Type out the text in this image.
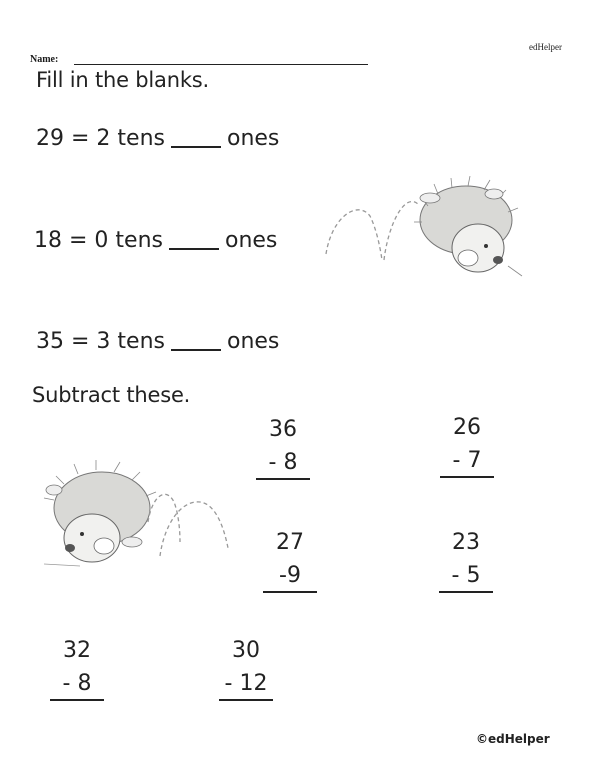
edHelper
Name:
Fill in the blanks.
29 = 2 tens	ones
18 = 0 tens	ones
35 = 3 tens	ones
Subtract these.
36
- 8
26
- 7
27
-9
23
- 5
32
- 8
30
- 12
©edHelper
